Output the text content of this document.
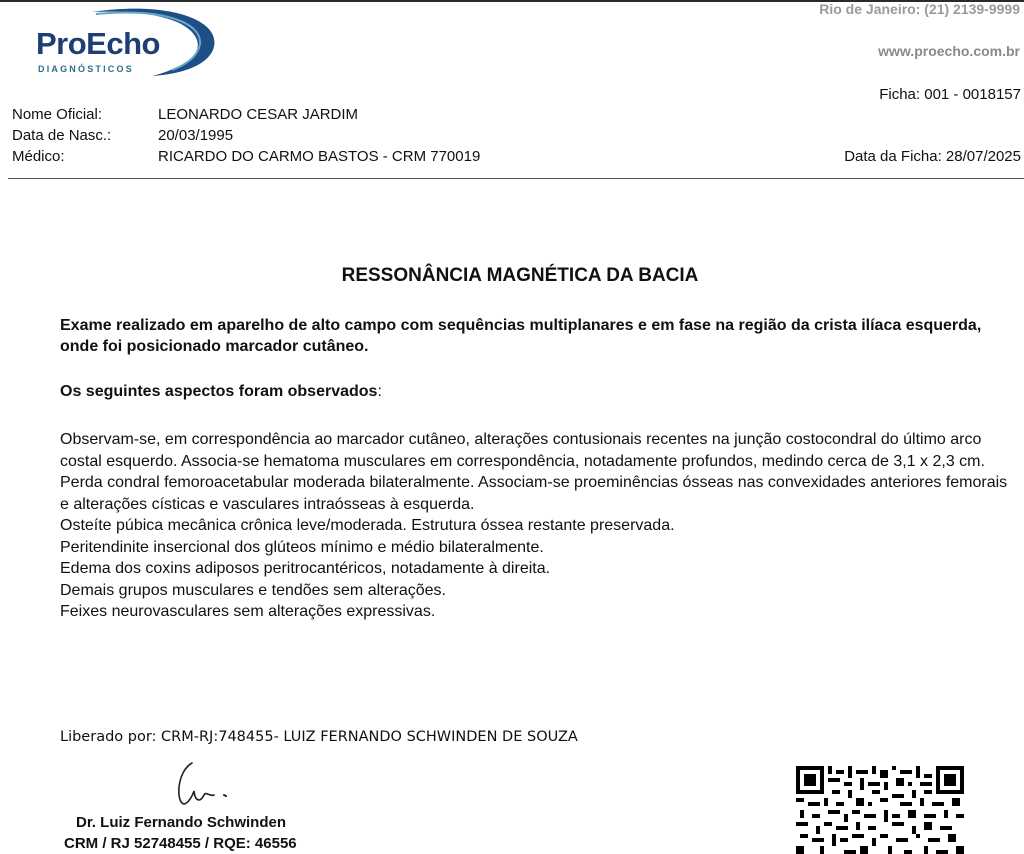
ProEcho
DIAGNÓSTICOS
Rio de Janeiro: (21) 2139-9999
www.proecho.com.br
Ficha: 001 - 0018157
Nome Oficial:	LEONARDO CESAR JARDIM
Data de Nasc.:	20/03/1995
Médico:	RICARDO DO CARMO BASTOS - CRM 770019	Data da Ficha: 28/07/2025
RESSONÂNCIA MAGNÉTICA DA BACIA
Exame realizado em aparelho de alto campo com sequências multiplanares e em fase na região da crista ilíaca esquerda, onde foi posicionado marcador cutâneo.
Os seguintes aspectos foram observados:

Observam-se, em correspondência ao marcador cutâneo, alterações contusionais recentes na junção costocondral do último arco costal esquerdo. Associa-se hematoma musculares em correspondência, notadamente profundos, medindo cerca de 3,1 x 2,3 cm.

Perda condral femoroacetabular moderada bilateralmente. Associam-se proeminências ósseas nas convexidades anteriores femorais e alterações císticas e vasculares intraósseas à esquerda.

Osteíte púbica mecânica crônica leve/moderada. Estrutura óssea restante preservada.

Peritendinite insercional dos glúteos mínimo e médio bilateralmente.

Edema dos coxins adiposos peritrocantéricos, notadamente à direita.

Demais grupos musculares e tendões sem alterações.

Feixes neurovasculares sem alterações expressivas.

Liberado por: CRM-RJ:748455- LUIZ FERNANDO SCHWINDEN DE SOUZA
Dr. Luiz Fernando Schwinden
CRM / RJ 52748455 / RQE: 46556
